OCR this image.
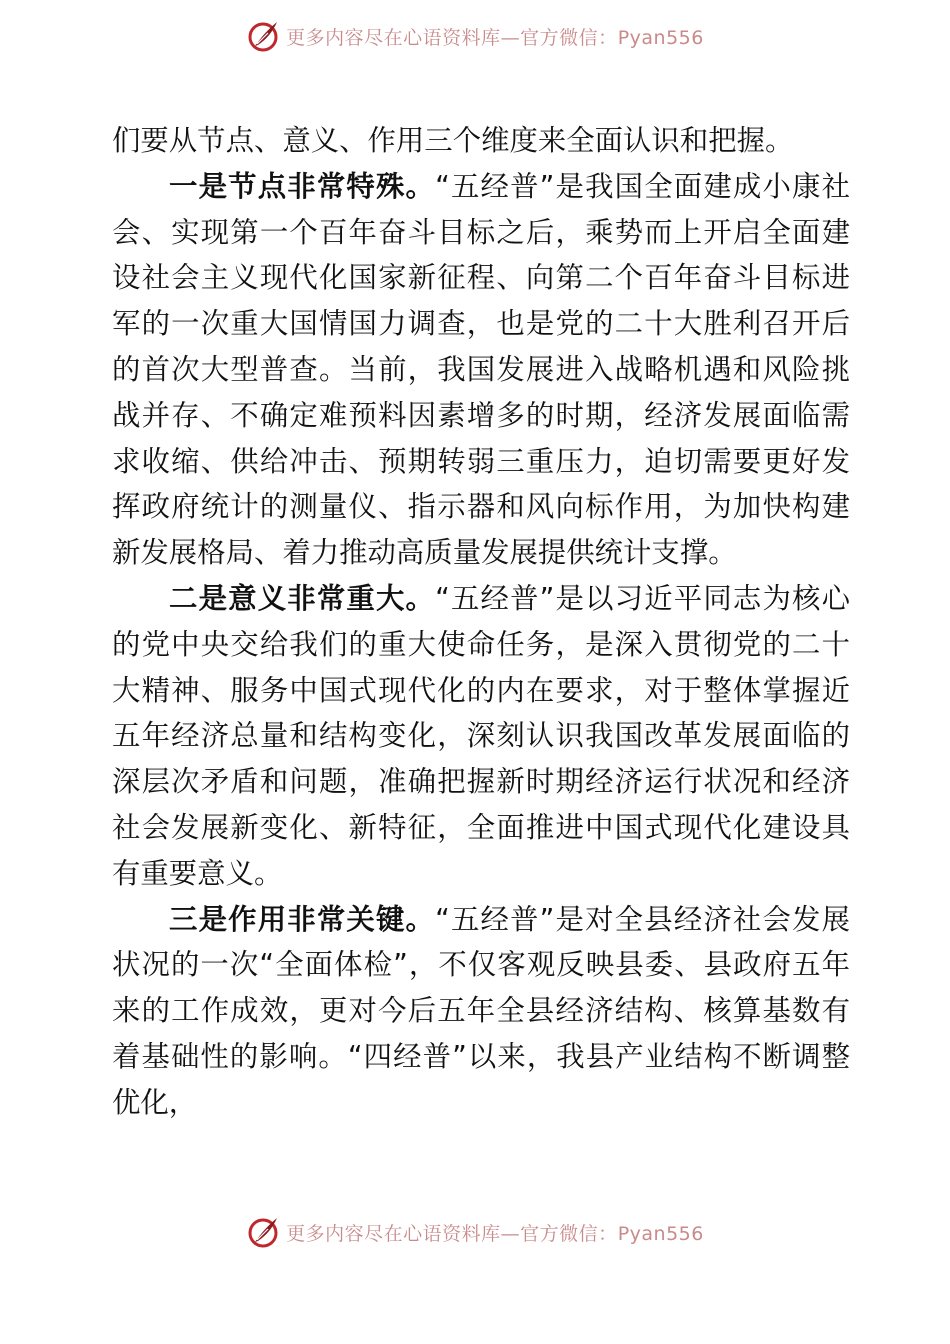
更多内容尽在心语资料库—官方微信：Pyan556

们要从节点、意义、作用三个维度来全面认识和把握。

一是节点非常特殊。“五经普”是我国全面建成小康社会、实现第一个百年奋斗目标之后，乘势而上开启全面建设社会主义现代化国家新征程、向第二个百年奋斗目标进军的一次重大国情国力调查，也是党的二十大胜利召开后的首次大型普查。当前，我国发展进入战略机遇和风险挑战并存、不确定难预料因素增多的时期，经济发展面临需求收缩、供给冲击、预期转弱三重压力，迫切需要更好发挥政府统计的测量仪、指示器和风向标作用，为加快构建新发展格局、着力推动高质量发展提供统计支撑。

二是意义非常重大。“五经普”是以习近平同志为核心的党中央交给我们的重大使命任务，是深入贯彻党的二十大精神、服务中国式现代化的内在要求，对于整体掌握近五年经济总量和结构变化，深刻认识我国改革发展面临的深层次矛盾和问题，准确把握新时期经济运行状况和经济社会发展新变化、新特征，全面推进中国式现代化建设具有重要意义。

三是作用非常关键。“五经普”是对全县经济社会发展状况的一次“全面体检”，不仅客观反映县委、县政府五年来的工作成效，更对今后五年全县经济结构、核算基数有着基础性的影响。“四经普”以来，我县产业结构不断调整优化，

更多内容尽在心语资料库—官方微信：Pyan556
